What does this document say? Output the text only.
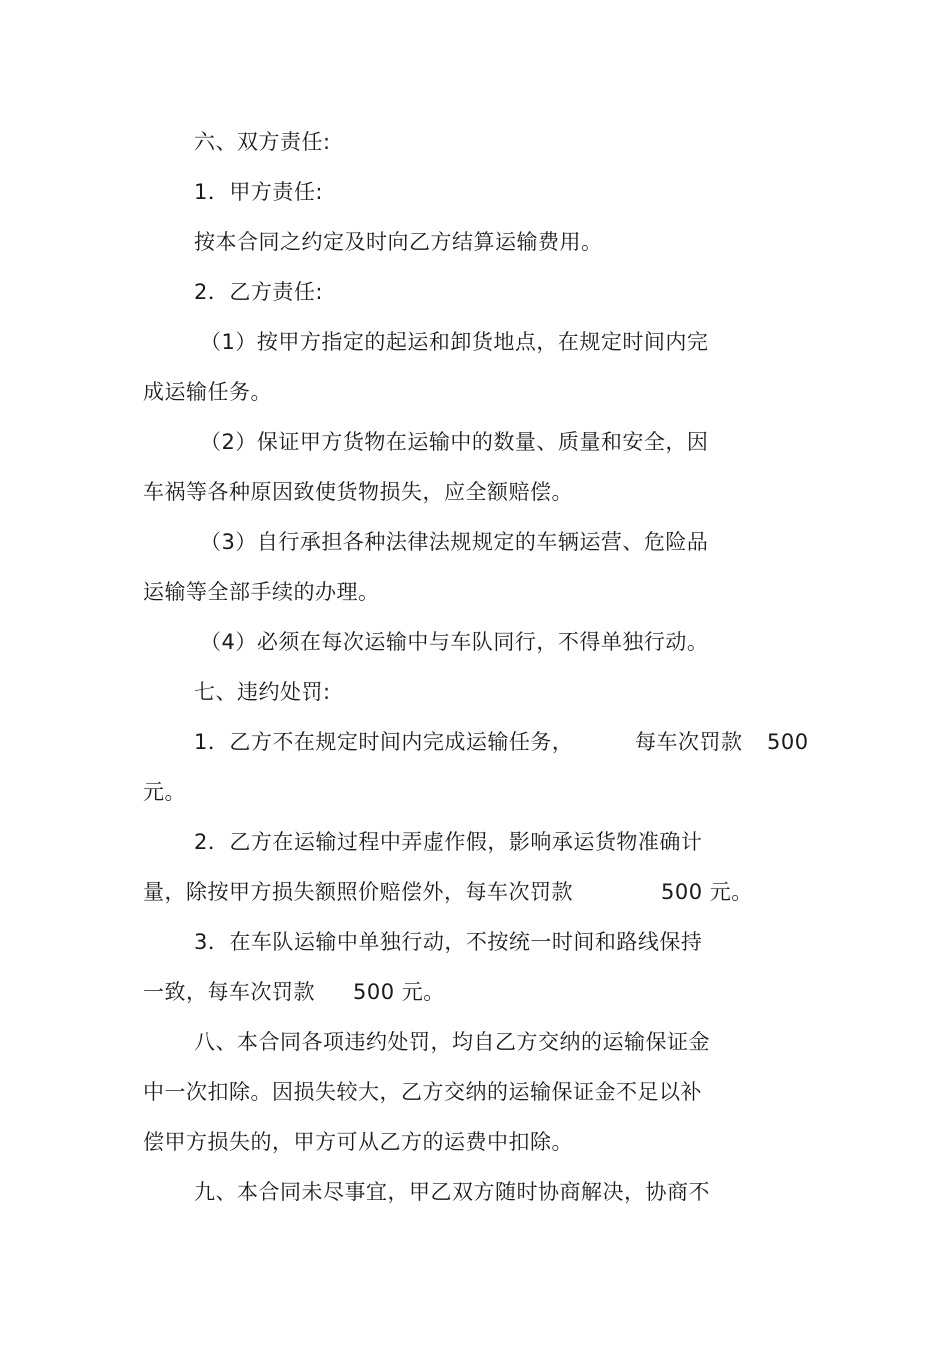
六、双方责任:
1．甲方责任:
按本合同之约定及时向乙方结算运输费用。
2．乙方责任:
（1）按甲方指定的起运和卸货地点，在规定时间内完
成运输任务。
（2）保证甲方货物在运输中的数量、质量和安全，因
车祸等各种原因致使货物损失，应全额赔偿。
（3）自行承担各种法律法规规定的车辆运营、危险品
运输等全部手续的办理。
（4）必须在每次运输中与车队同行，不得单独行动。
七、违约处罚:
1．乙方不在规定时间内完成运输任务，	每车次罚款 500
元。
2．乙方在运输过程中弄虚作假，影响承运货物准确计
量，除按甲方损失额照价赔偿外，每车次罚款	500 元。
3．在车队运输中单独行动，不按统一时间和路线保持
一致，每车次罚款 500 元。
八、本合同各项违约处罚，均自乙方交纳的运输保证金
中一次扣除。因损失较大，乙方交纳的运输保证金不足以补
偿甲方损失的，甲方可从乙方的运费中扣除。
九、本合同未尽事宜，甲乙双方随时协商解决，协商不
